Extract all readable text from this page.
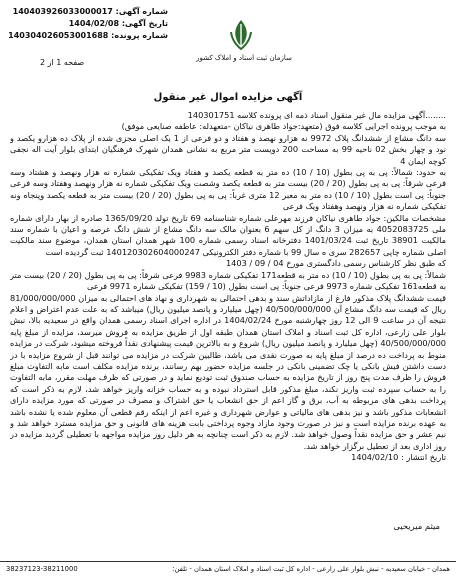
شماره آگهی: 140403926033000017
تاریخ آگهی: 1404/02/08
شماره پرونده: 140304026053001688
سازمان ثبت اسناد و املاک کشور
صفحه 1 از 2
آگهی مزایده اموال غیر منقول

........آگهی مزایده مال غیر منقول اسناد ذمه ای پرونده کلاسه 140301751

به موجب پرونده اجرایی کلاسه فوق (متعهد:جواد طاهری نیاکان -متعهدله: عاطفه صنایعی موفق)

سه دانگ مشاع از ششدانگ پلاک 9972 نه هزارو نهصد و هفتاد و دو فرعی از 1 یک اصلی مجزی شده از پلاک ده هزارو یکصد و نود و چهار بخش 02 ناحیه 99 به مساحت 200 دویست متر مربع به نشانی همدان شهرک فرهنگیان ابتدای بلوار آیت اله نجفی کوچه ایمان 4

به حدود: شمالاً: پی به پی بطول (10 / 10) ده متر به قطعه یکصد و هفتاد ویک تفکیکی شماره نه هزار ونهصد و هشتاد وسه فرعی شرقاً: پی به پی بطول (20 / 20) بیست متر به قطعه یکصد وشصت ویک تفکیکی شماره نه هزار ونهصد وهفتاد وسه فرعی جنوباً: پی است بطول (10 / 10) ده متر به معبر 12 متری غرباً: پی به پی بطول (20 / 20) بیست متر به قطعه یکصد وپنجاه ونه تفکیکی شماره نه هزار ونهصد وهفتاد ویک فرعی

مشخصات مالکین: جواد طاهری نیاکان فرزند مهرعلی شماره شناسنامه 69 تاریخ تولد 1365/09/20 صادره از بهار دارای شماره ملی 4052083725 به میزان 3 دانگ از کل سهم 6 بعنوان مالک سه دانگ مشاع از شش دانگ عرصه و اعیان با شماره سند مالکیت 38901 تاریخ ثبت 1401/03/24 دفترخانه اسناد رسمی شماره 100 شهر همدان استان همدان، موضوع سند مالکیت اصلی شماره چاپی 282657 سری ه سال 99 با شماره دفتر الکترونیکی 140120302604000247 ثبت گردیده است

که طبق نظر کارشناس رسمی دادگستری مورخ 04 / 09 / 1403

شمالاً: پی به پی بطول (10 / 10) ده متر به قطعه171 تفکیکی شماره 9983 فرعی شرقاً: پی به پی بطول (20 / 20) بیست متر به قطعه161 تفکیکی شماره 9973 فرعی جنوباً: پی است بطول (10 / 159) تفکیکی شماره 9971 فرعی

قیمت ششدانگ پلاک مذکور فارغ از مازاداتش سند و بدهی احتمالی به شهرداری و نهاد های احتمالی به میزان 81/000/000/000 ریال که قیمت سه دانگ مشاع آن 40/500/000/000 (چهل میلیارد و پانصد میلیون ریال) میباشد که به علت عدم اعتراض و اعلام نتیجه آن در ساعت 9 الی 12 روز چهارشنبه مورخ 1404/02/24 در اداره اجرای اسناد رسمی همدان واقع در سعیدیه بالا، نبش بلوار علی زارعی، اداره کل ثبت اسناد و املاک استان همدان طبقه اول از طریق مزایده به فروش میرسد، مزایده از مبلغ پایه 40/500/000/000 (چهل میلیارد و پانصد میلیون ریال) شروع و به بالاترین قیمت پیشنهادی نقداً فروخته میشود، شرکت در مزایده منوط به پرداخت ده درصد از مبلغ پایه به صورت نقدی می باشد، طالبین شرکت در مزایده می توانند قبل از شروع مزایده با در دست داشتن فیش بانکی یا چک تضمینی بانکی در جلسه مزایده حضور بهم رسانند، برنده مزایده مکلف است مابه التفاوت مبلغ فروش را ظرف مدت پنج روز از تاریخ مزایده به حساب صندوق ثبت تودیع نماید و در صورتی که ظرف مهلت مقرر، مابه التفاوت را به حساب سپرده ثبت واریز نکند، مبلغ مذکور قابل استرداد نبوده و به حساب خزانه واریز خواهد شد، لازم به ذکر است که پرداخت بدهی های مربوطه به آب، برق و گاز اعم از حق انشعاب یا حق اشتراک و مصرف در صورتی که مورد مزایده دارای انشعابات مذکور باشد و نیز بدهی های مالیاتی و عوارض شهرداری و غیره اعم از اینکه رقم قطعی آن معلوم شده یا نشده باشد به عهده برنده مزایده است و نیز در صورت وجود مازاد وجوه پرداختی بابت هزینه های قانونی و حق مزایده مسترد خواهد شد و نیم عشر و حق مزایده نقداً وصول خواهد شد. لازم به ذکر است چنانچه به هر دلیل روز مزایده مواجهه با تعطیلی گردید مزایده در روز اداری بعد از تعطیل برگزار خواهد شد.

تاریخ انتشار : 1404/02/10

میثم میریحیی
همدان - خیابان سعیدیه - نبش بلوار علی زارعی - اداره کل ثبت اسناد و املاک استان همدان - تلفن:
38237123-38211000
